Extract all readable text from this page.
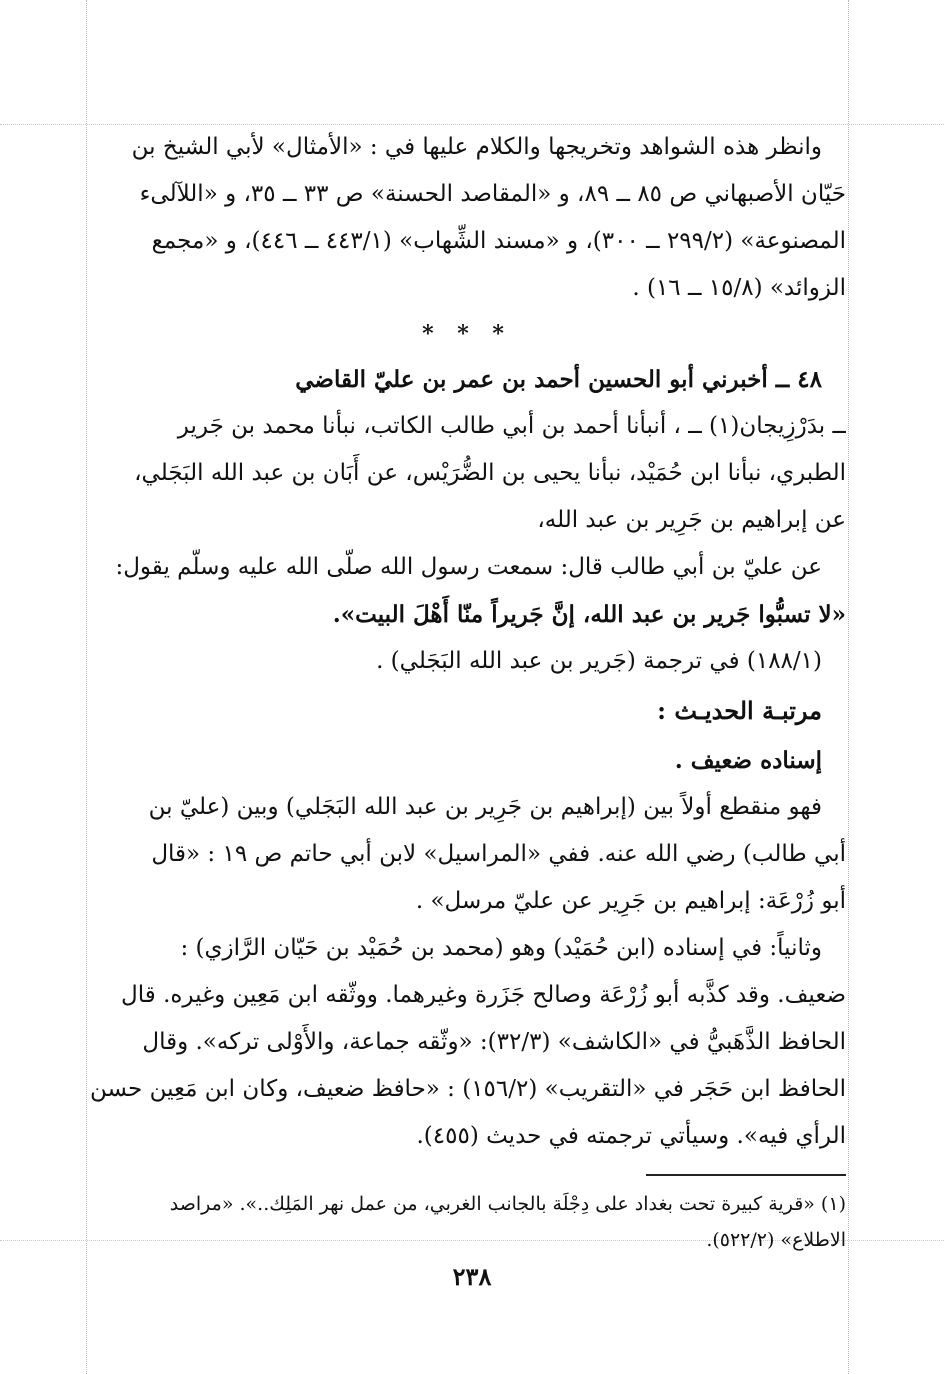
وانظر هذه الشواهد وتخريجها والكلام عليها في : «الأمثال» لأبي الشيخ بن
حَيّان الأصبهاني ص ٨٥ ــ ٨٩، و «المقاصد الحسنة» ص ٣٣ ــ ٣٥، و «اللآلىء
المصنوعة» (٢٩٩/٢ ــ ٣٠٠)، و «مسند الشِّهاب» (٤٤٣/١ ــ ٤٤٦)، و «مجمع
الزوائد» (١٥/٨ ــ ١٦) .
* * *
٤٨ ــ أخبرني أبو الحسين أحمد بن عمر بن عليّ القاضي
ــ بدَرْزِيجان(١) ــ ، أنبأنا أحمد بن أبي طالب الكاتب، نبأنا محمد بن جَرير
الطبري، نبأنا ابن حُمَيْد، نبأنا يحيى بن الضُّرَيْس، عن أَبَان بن عبد الله البَجَلي،
عن إبراهيم بن جَرِير بن عبد الله،
عن عليّ بن أبي طالب قال: سمعت رسول الله صلّى الله عليه وسلّم يقول:
«لا تسبُّوا جَرير بن عبد الله، إنَّ جَريراً منّا أَهْلَ البيت».
(١٨٨/١) في ترجمة (جَرير بن عبد الله البَجَلي) .
مرتبـة الحديـث :
إسناده ضعيف .
فهو منقطع أولاً بين (إبراهيم بن جَرِير بن عبد الله البَجَلي) وبين (عليّ بن
أبي طالب) رضي الله عنه. ففي «المراسيل» لابن أبي حاتم ص ١٩ : «قال
أبو زُرْعَة: إبراهيم بن جَرِير عن عليّ مرسل» .
وثانياً: في إسناده (ابن حُمَيْد) وهو (محمد بن حُمَيْد بن حَيّان الرَّازي) :
ضعيف. وقد كذَّبه أبو زُرْعَة وصالح جَزَرة وغيرهما. ووثّقه ابن مَعِين وغيره. قال
الحافظ الذَّهَبيُّ في «الكاشف» (٣٢/٣): «وثّقه جماعة، والأَوْلى تركه». وقال
الحافظ ابن حَجَر في «التقريب» (١٥٦/٢) : «حافظ ضعيف، وكان ابن مَعِين حسن
الرأي فيه». وسيأتي ترجمته في حديث (٤٥٥).
(١) «قرية كبيرة تحت بغداد على دِجْلَة بالجانب الغربي، من عمل نهر المَلِك..». «مراصد
الاطلاع» (٥٢٢/٢).
٢٣٨
